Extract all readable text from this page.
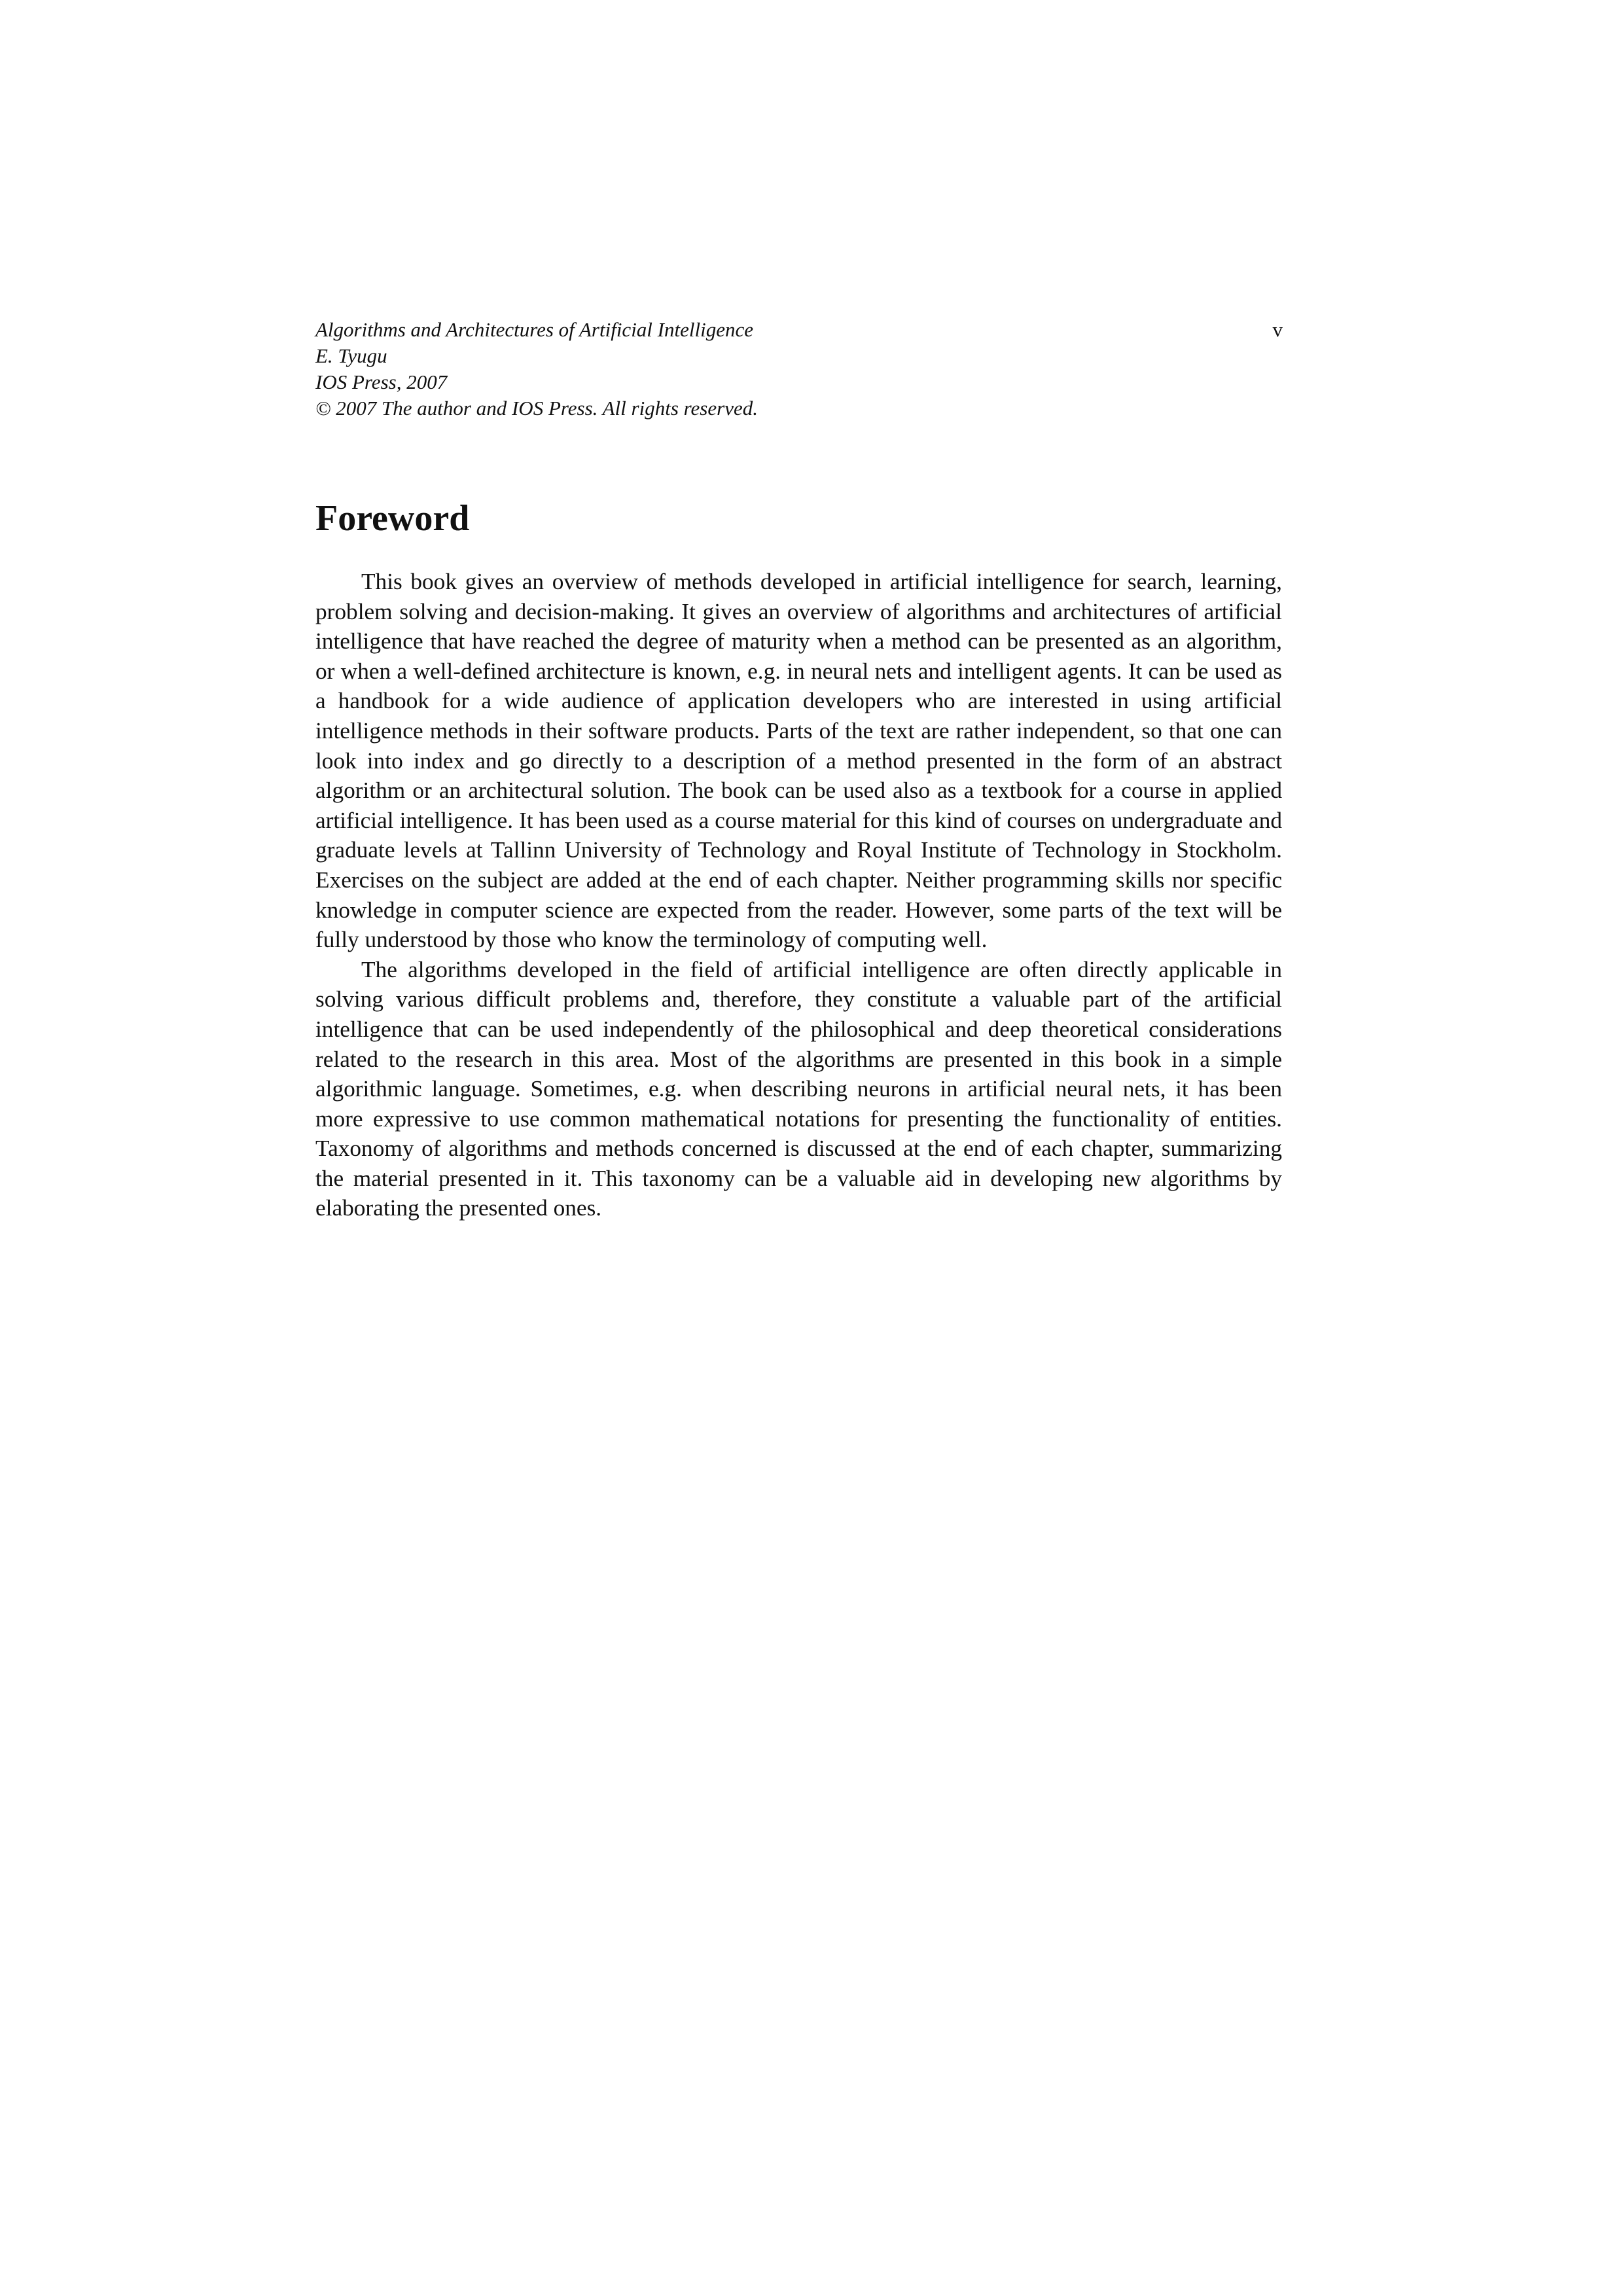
Algorithms and Architectures of Artificial Intelligence
E. Tyugu
IOS Press, 2007
© 2007 The author and IOS Press. All rights reserved.
v
Foreword

This book gives an overview of methods developed in artificial intelligence for search, learning, problem solving and decision-making. It gives an overview of algorithms and architectures of artificial intelligence that have reached the degree of maturity when a method can be presented as an algorithm, or when a well-defined architecture is known, e.g. in neural nets and intelligent agents. It can be used as a handbook for a wide audience of application developers who are interested in using artificial intelligence methods in their software products. Parts of the text are rather independent, so that one can look into index and go directly to a description of a method presented in the form of an abstract algorithm or an architectural solution. The book can be used also as a textbook for a course in applied artificial intelligence. It has been used as a course material for this kind of courses on undergraduate and graduate levels at Tallinn University of Technology and Royal Institute of Technology in Stockholm. Exercises on the subject are added at the end of each chapter. Neither programming skills nor specific knowledge in computer science are expected from the reader. However, some parts of the text will be fully understood by those who know the terminology of computing well.

The algorithms developed in the field of artificial intelligence are often directly applicable in solving various difficult problems and, therefore, they constitute a valuable part of the artificial intelligence that can be used independently of the philosophical and deep theoretical considerations related to the research in this area. Most of the algorithms are presented in this book in a simple algorithmic language. Sometimes, e.g. when describing neurons in artificial neural nets, it has been more expressive to use common mathematical notations for presenting the functionality of entities. Taxonomy of algorithms and methods concerned is discussed at the end of each chapter, summarizing the material presented in it. This taxonomy can be a valuable aid in developing new algorithms by elaborating the presented ones.
